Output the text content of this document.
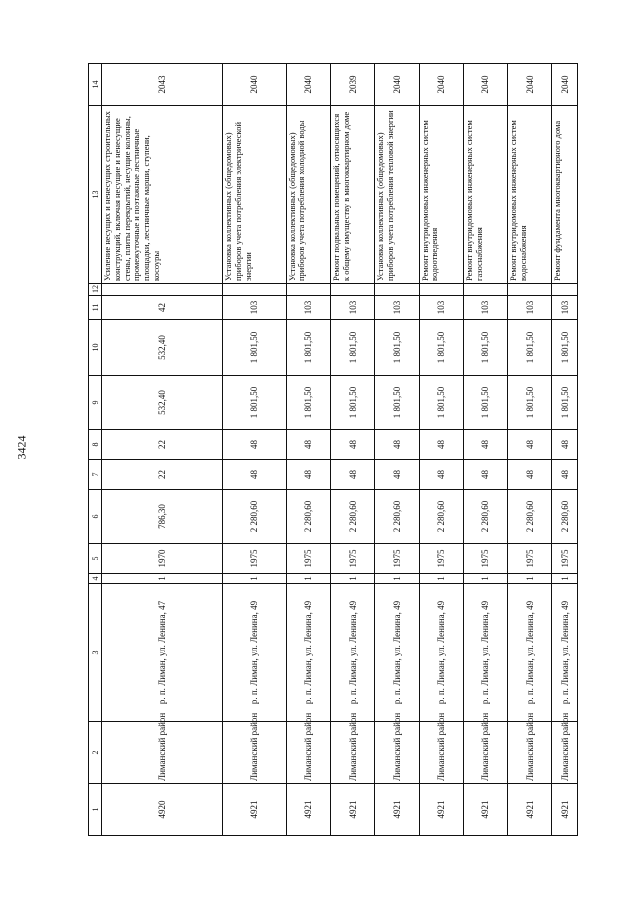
3424
1	2	3	4	5	6	7	8	9	10	11	12	13	14
4920	Лиманский район	р. п. Лиман, ул. Ленина, 47	1	1970	786,30	22	22	532,40	532,40	42		Усиление несущих и ненесущих строительных конструкций, включая несущие и ненесущие стены, плиты перекрытий, несущие колонны, промежуточные и поэтажные лестничные площадки, лестничные марши, ступени, косоуры	2043
4921	Лиманский район	р. п. Лиман, ул. Ленина, 49	1	1975	2 280,60	48	48	1 801,50	1 801,50	103		Установка коллективных (общедомовых) приборов учета потребления электрической энергии	2040
4921	Лиманский район	р. п. Лиман, ул. Ленина, 49	1	1975	2 280,60	48	48	1 801,50	1 801,50	103		Установка коллективных (общедомовых) приборов учета потребления холодной воды	2040
4921	Лиманский район	р. п. Лиман, ул. Ленина, 49	1	1975	2 280,60	48	48	1 801,50	1 801,50	103		Ремонт подвальных помещений, относящихся к общему имуществу в многоквартирном доме	2039
4921	Лиманский район	р. п. Лиман, ул. Ленина, 49	1	1975	2 280,60	48	48	1 801,50	1 801,50	103		Установка коллективных (общедомовых) приборов учета потребления тепловой энергии	2040
4921	Лиманский район	р. п. Лиман, ул. Ленина, 49	1	1975	2 280,60	48	48	1 801,50	1 801,50	103		Ремонт внутридомовых инженерных систем водоотведения	2040
4921	Лиманский район	р. п. Лиман, ул. Ленина, 49	1	1975	2 280,60	48	48	1 801,50	1 801,50	103		Ремонт внутридомовых инженерных систем газоснабжения	2040
4921	Лиманский район	р. п. Лиман, ул. Ленина, 49	1	1975	2 280,60	48	48	1 801,50	1 801,50	103		Ремонт внутридомовых инженерных систем водоснабжения	2040
4921	Лиманский район	р. п. Лиман, ул. Ленина, 49	1	1975	2 280,60	48	48	1 801,50	1 801,50	103		Ремонт фундамента многоквартирного дома	2040
